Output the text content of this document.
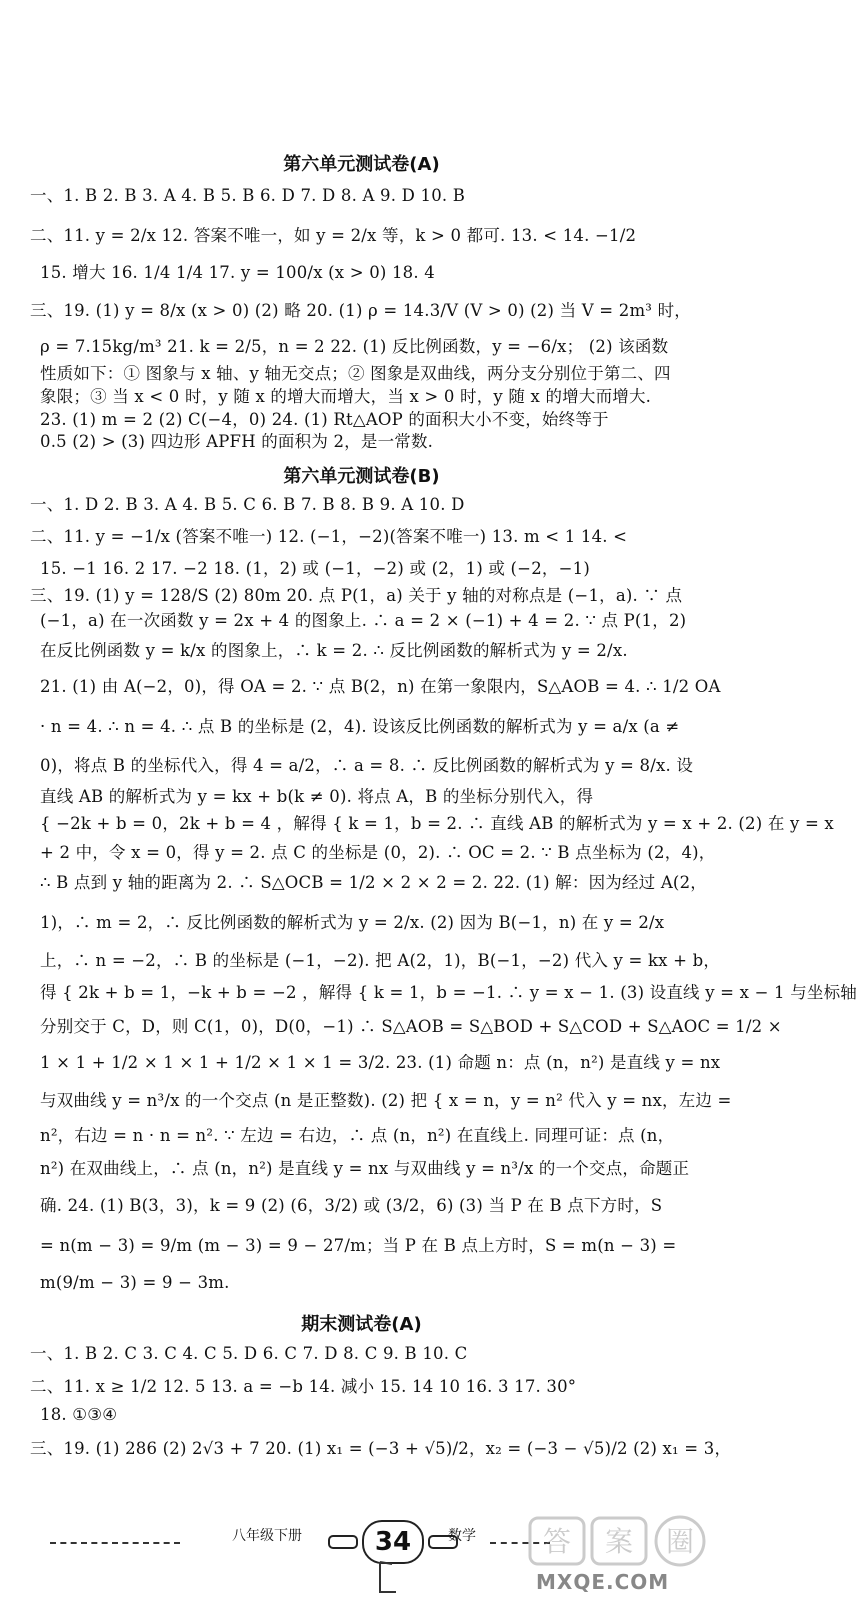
第六单元测试卷(A)
一、1. B 2. B 3. A 4. B 5. B 6. D 7. D 8. A 9. D 10. B
二、11. y = 2/x 12. 答案不唯一，如 y = 2/x 等，k > 0 都可. 13. < 14. −1/2
15. 增大 16. 1/4 1/4 17. y = 100/x (x > 0) 18. 4
三、19. (1) y = 8/x (x > 0) (2) 略 20. (1) ρ = 14.3/V (V > 0) (2) 当 V = 2m³ 时，
ρ = 7.15kg/m³ 21. k = 2/5，n = 2 22. (1) 反比例函数，y = −6/x； (2) 该函数
性质如下：① 图象与 x 轴、y 轴无交点；② 图象是双曲线，两分支分别位于第二、四
象限；③ 当 x < 0 时，y 随 x 的增大而增大，当 x > 0 时，y 随 x 的增大而增大.
23. (1) m = 2 (2) C(−4，0) 24. (1) Rt△AOP 的面积大小不变，始终等于
0.5 (2) > (3) 四边形 APFH 的面积为 2，是一常数.
第六单元测试卷(B)
一、1. D 2. B 3. A 4. B 5. C 6. B 7. B 8. B 9. A 10. D
二、11. y = −1/x (答案不唯一) 12. (−1，−2)(答案不唯一) 13. m < 1 14. <
15. −1 16. 2 17. −2 18. (1，2) 或 (−1，−2) 或 (2，1) 或 (−2，−1)
三、19. (1) y = 128/S (2) 80m 20. 点 P(1，a) 关于 y 轴的对称点是 (−1，a). ∵ 点
(−1，a) 在一次函数 y = 2x + 4 的图象上. ∴ a = 2 × (−1) + 4 = 2. ∵ 点 P(1，2)
在反比例函数 y = k/x 的图象上，∴ k = 2. ∴ 反比例函数的解析式为 y = 2/x.
21. (1) 由 A(−2，0)，得 OA = 2. ∵ 点 B(2，n) 在第一象限内，S△AOB = 4. ∴ 1/2 OA
· n = 4. ∴ n = 4. ∴ 点 B 的坐标是 (2，4). 设该反比例函数的解析式为 y = a/x (a ≠
0)，将点 B 的坐标代入，得 4 = a/2，∴ a = 8. ∴ 反比例函数的解析式为 y = 8/x. 设
直线 AB 的解析式为 y = kx + b(k ≠ 0). 将点 A，B 的坐标分别代入，得
{ −2k + b = 0，2k + b = 4 ，解得 { k = 1，b = 2. ∴ 直线 AB 的解析式为 y = x + 2. (2) 在 y = x
+ 2 中，令 x = 0，得 y = 2. 点 C 的坐标是 (0，2). ∴ OC = 2. ∵ B 点坐标为 (2，4)，
∴ B 点到 y 轴的距离为 2. ∴ S△OCB = 1/2 × 2 × 2 = 2. 22. (1) 解：因为经过 A(2，
1)，∴ m = 2，∴ 反比例函数的解析式为 y = 2/x. (2) 因为 B(−1，n) 在 y = 2/x
上，∴ n = −2，∴ B 的坐标是 (−1，−2). 把 A(2，1)，B(−1，−2) 代入 y = kx + b，
得 { 2k + b = 1，−k + b = −2 ，解得 { k = 1，b = −1. ∴ y = x − 1. (3) 设直线 y = x − 1 与坐标轴
分别交于 C，D，则 C(1，0)，D(0，−1) ∴ S△AOB = S△BOD + S△COD + S△AOC = 1/2 ×
1 × 1 + 1/2 × 1 × 1 + 1/2 × 1 × 1 = 3/2. 23. (1) 命题 n：点 (n，n²) 是直线 y = nx
与双曲线 y = n³/x 的一个交点 (n 是正整数). (2) 把 { x = n，y = n² 代入 y = nx，左边 =
n²，右边 = n · n = n². ∵ 左边 = 右边，∴ 点 (n，n²) 在直线上. 同理可证：点 (n，
n²) 在双曲线上，∴ 点 (n，n²) 是直线 y = nx 与双曲线 y = n³/x 的一个交点，命题正
确. 24. (1) B(3，3)，k = 9 (2) (6，3/2) 或 (3/2，6) (3) 当 P 在 B 点下方时，S
= n(m − 3) = 9/m (m − 3) = 9 − 27/m；当 P 在 B 点上方时，S = m(n − 3) =
m(9/m − 3) = 9 − 3m.
期末测试卷(A)
一、1. B 2. C 3. C 4. C 5. D 6. C 7. D 8. C 9. B 10. C
二、11. x ≥ 1/2 12. 5 13. a = −b 14. 减小 15. 14 10 16. 3 17. 30°
18. ①③④
三、19. (1) 286 (2) 2√3 + 7 20. (1) x₁ = (−3 + √5)/2，x₂ = (−3 − √5)/2 (2) x₁ = 3，
八年级下册	34	数学 答 案 圈
MXQE.COM
